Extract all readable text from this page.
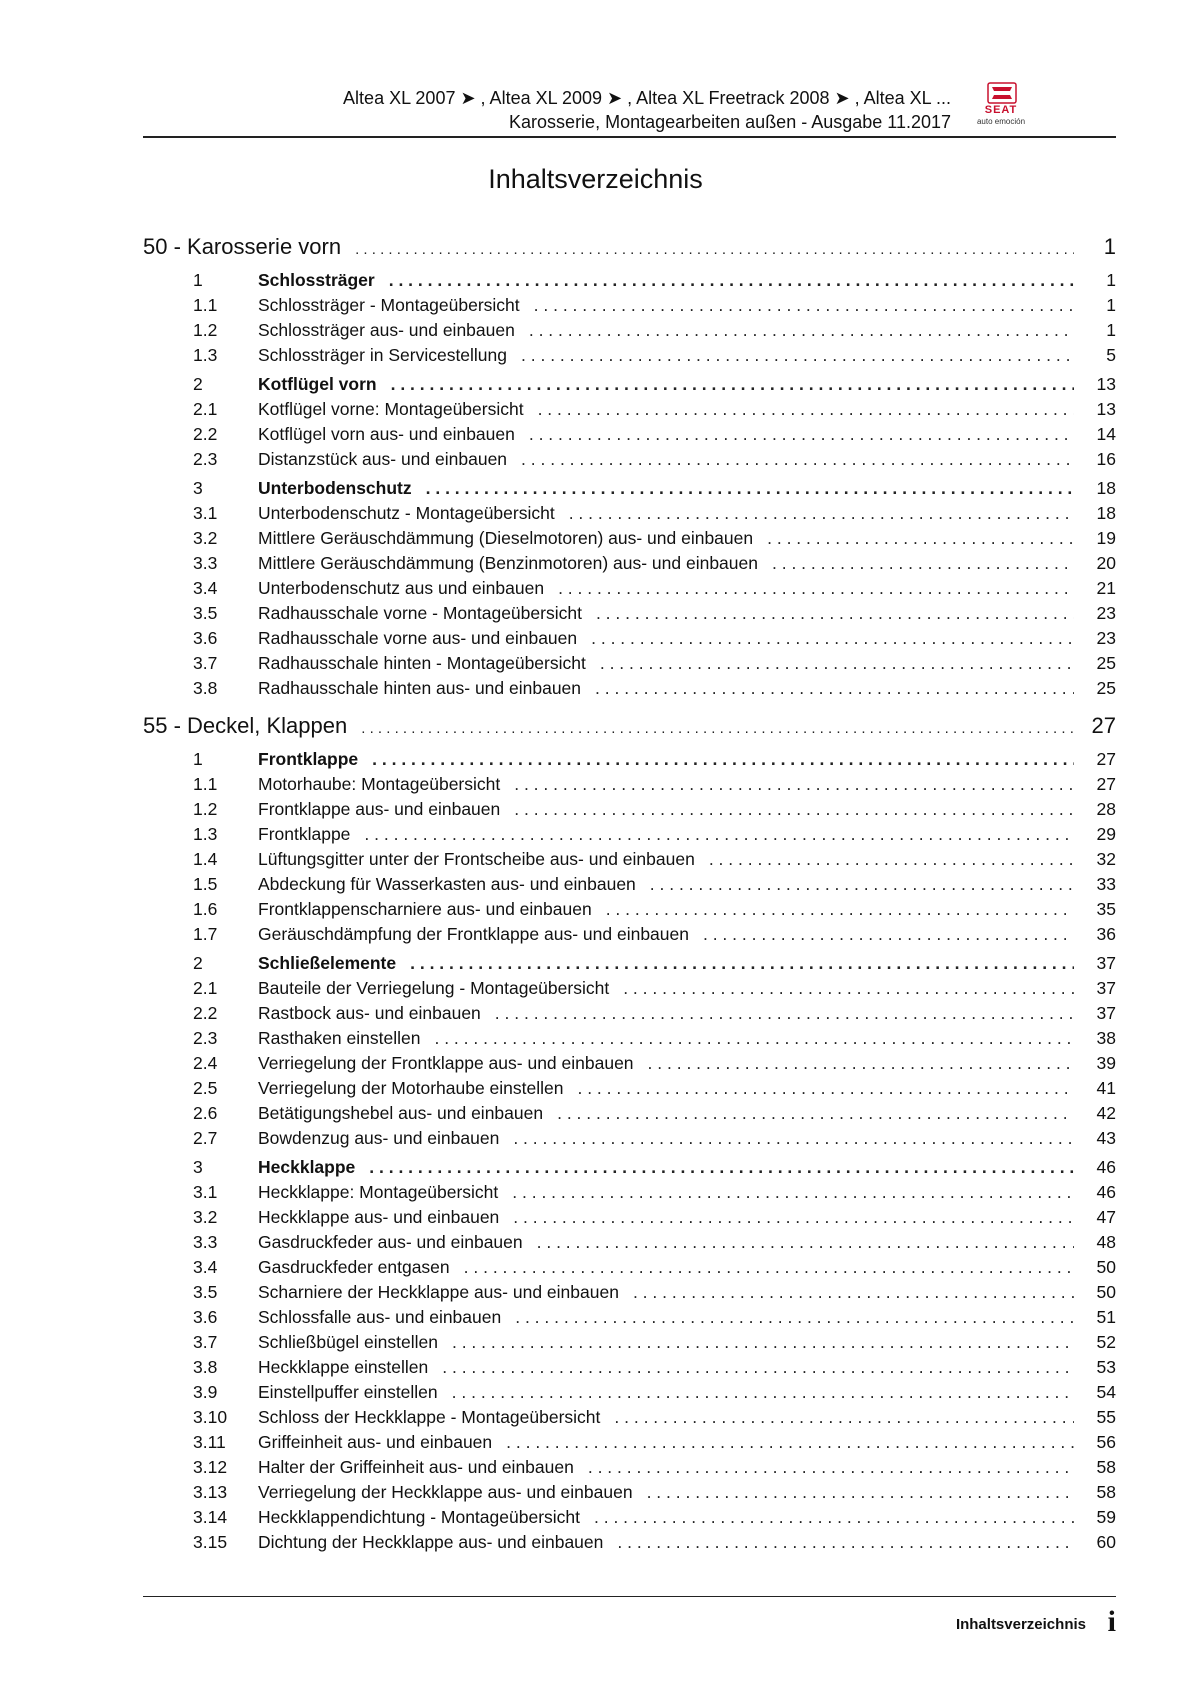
Altea XL 2007 ➤ , Altea XL 2009 ➤ , Altea XL Freetrack 2008 ➤ , Altea XL ...
Karosserie, Montagearbeiten außen - Ausgabe 11.2017
SEAT
auto emoción
Inhaltsverzeichnis
50 - Karosserie vorn . . .	1
1	Schlossträger . . .	1
1.1	Schlossträger - Montageübersicht . . .	1
1.2	Schlossträger aus- und einbauen . . .	1
1.3	Schlossträger in Servicestellung . . .	5
2	Kotflügel vorn . . .	13
2.1	Kotflügel vorne: Montageübersicht . . .	13
2.2	Kotflügel vorn aus- und einbauen . . .	14
2.3	Distanzstück aus- und einbauen . . .	16
3	Unterbodenschutz . . .	18
3.1	Unterbodenschutz - Montageübersicht . . .	18
3.2	Mittlere Geräuschdämmung (Dieselmotoren) aus- und einbauen . . .	19
3.3	Mittlere Geräuschdämmung (Benzinmotoren) aus- und einbauen . . .	20
3.4	Unterbodenschutz aus und einbauen . . .	21
3.5	Radhausschale vorne - Montageübersicht . . .	23
3.6	Radhausschale vorne aus- und einbauen . . .	23
3.7	Radhausschale hinten - Montageübersicht . . .	25
3.8	Radhausschale hinten aus- und einbauen . . .	25
55 - Deckel, Klappen . . .	27
1	Frontklappe . . .	27
1.1	Motorhaube: Montageübersicht . . .	27
1.2	Frontklappe aus- und einbauen . . .	28
1.3	Frontklappe . . .	29
1.4	Lüftungsgitter unter der Frontscheibe aus- und einbauen . . .	32
1.5	Abdeckung für Wasserkasten aus- und einbauen . . .	33
1.6	Frontklappenscharniere aus- und einbauen . . .	35
1.7	Geräuschdämpfung der Frontklappe aus- und einbauen . . .	36
2	Schließelemente . . .	37
2.1	Bauteile der Verriegelung - Montageübersicht . . .	37
2.2	Rastbock aus- und einbauen . . .	37
2.3	Rasthaken einstellen . . .	38
2.4	Verriegelung der Frontklappe aus- und einbauen . . .	39
2.5	Verriegelung der Motorhaube einstellen . . .	41
2.6	Betätigungshebel aus- und einbauen . . .	42
2.7	Bowdenzug aus- und einbauen . . .	43
3	Heckklappe . . .	46
3.1	Heckklappe: Montageübersicht . . .	46
3.2	Heckklappe aus- und einbauen . . .	47
3.3	Gasdruckfeder aus- und einbauen . . .	48
3.4	Gasdruckfeder entgasen . . .	50
3.5	Scharniere der Heckklappe aus- und einbauen . . .	50
3.6	Schlossfalle aus- und einbauen . . .	51
3.7	Schließbügel einstellen . . .	52
3.8	Heckklappe einstellen . . .	53
3.9	Einstellpuffer einstellen . . .	54
3.10	Schloss der Heckklappe - Montageübersicht . . .	55
3.11	Griffeinheit aus- und einbauen . . .	56
3.12	Halter der Griffeinheit aus- und einbauen . . .	58
3.13	Verriegelung der Heckklappe aus- und einbauen . . .	58
3.14	Heckklappendichtung - Montageübersicht . . .	59
3.15	Dichtung der Heckklappe aus- und einbauen . . .	60
Inhaltsverzeichnis i
